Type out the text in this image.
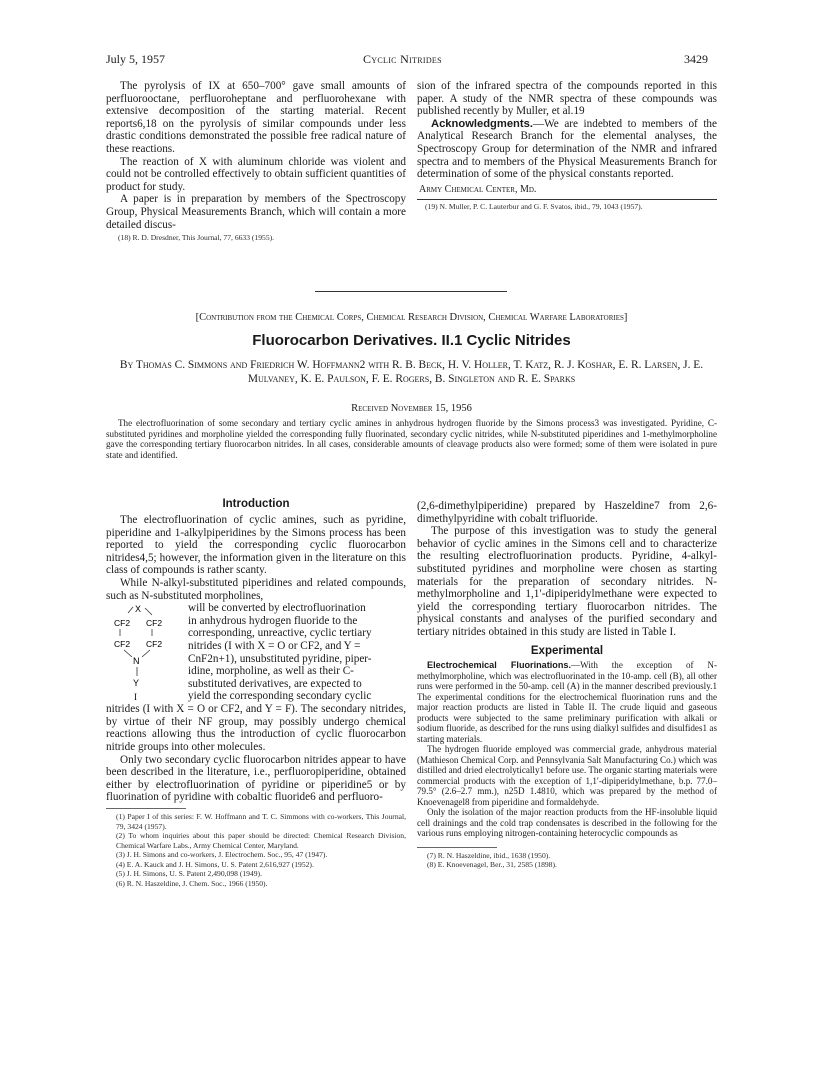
July 5, 1957	Cyclic Nitrides	3429

The pyrolysis of IX at 650–700° gave small amounts of perfluorooctane, perfluoroheptane and perfluorohexane with extensive decomposition of the starting material. Recent reports6,18 on the pyrolysis of similar compounds under less drastic conditions demonstrated the possible free radical nature of these reactions.

The reaction of X with aluminum chloride was violent and could not be controlled effectively to obtain sufficient quantities of product for study.

A paper is in preparation by members of the Spectroscopy Group, Physical Measurements Branch, which will contain a more detailed discus-

(18) R. D. Dresdner, This Journal, 77, 6633 (1955).

sion of the infrared spectra of the compounds reported in this paper. A study of the NMR spectra of these compounds was published recently by Muller, et al.19

Acknowledgments.—We are indebted to members of the Analytical Research Branch for the elemental analyses, the Spectroscopy Group for determination of the NMR and infrared spectra and to members of the Physical Measurements Branch for determination of some of the physical constants reported.

Army Chemical Center, Md.
(19) N. Muller, P. C. Lauterbur and G. F. Svatos, ibid., 79, 1043 (1957).
[Contribution from the Chemical Corps, Chemical Research Division, Chemical Warfare Laboratories]
Fluorocarbon Derivatives. II.1 Cyclic Nitrides
By Thomas C. Simmons and Friedrich W. Hoffmann2 with R. B. Beck, H. V. Holler, T. Katz, R. J. Koshar, E. R. Larsen, J. E. Mulvaney, K. E. Paulson, F. E. Rogers, B. Singleton and R. E. Sparks
Received November 15, 1956
The electrofluorination of some secondary and tertiary cyclic amines in anhydrous hydrogen fluoride by the Simons process3 was investigated. Pyridine, C-substituted pyridines and morpholine yielded the corresponding fully fluorinated, secondary cyclic nitrides, while N-substituted piperidines and 1-methylmorpholine gave the corresponding tertiary fluorocarbon nitrides. In all cases, considerable amounts of cleavage products also were formed; some of them were isolated in pure state and identified.
Introduction

The electrofluorination of cyclic amines, such as pyridine, piperidine and 1-alkylpiperidines by the Simons process has been reported to yield the corresponding cyclic fluorocarbon nitrides4,5; however, the information given in the literature on this class of compounds is rather scanty.

While N-alkyl-substituted piperidines and related compounds, such as N-substituted morpholines,

X
CF2 CF2
CF2 CF2
N
Y
I
will be converted by electrofluorination
in anhydrous hydrogen fluoride to the
corresponding, unreactive, cyclic tertiary
nitrides (I with X = O or CF2, and Y =
CnF2n+1), unsubstituted pyridine, piper-
idine, morpholine, as well as their C-
substituted derivatives, are expected to
yield the corresponding secondary cyclic

nitrides (I with X = O or CF2, and Y = F). The secondary nitrides, by virtue of their NF group, may possibly undergo chemical reactions allowing thus the introduction of cyclic fluorocarbon nitride groups into other molecules.

Only two secondary cyclic fluorocarbon nitrides appear to have been described in the literature, i.e., perfluoropiperidine, obtained either by electrofluorination of pyridine or piperidine5 or by fluorination of pyridine with cobaltic fluoride6 and perfluoro-

(1) Paper I of this series: F. W. Hoffmann and T. C. Simmons with co-workers, This Journal, 79, 3424 (1957).
(2) To whom inquiries about this paper should be directed: Chemical Research Division, Chemical Warfare Labs., Army Chemical Center, Maryland.
(3) J. H. Simons and co-workers, J. Electrochem. Soc., 95, 47 (1947).
(4) E. A. Kauck and J. H. Simons, U. S. Patent 2,616,927 (1952).
(5) J. H. Simons, U. S. Patent 2,490,098 (1949).
(6) R. N. Haszeldine, J. Chem. Soc., 1966 (1950).

(2,6-dimethylpiperidine) prepared by Haszeldine7 from 2,6-dimethylpyridine with cobalt trifluoride.

The purpose of this investigation was to study the general behavior of cyclic amines in the Simons cell and to characterize the resulting electrofluorination products. Pyridine, 4-alkyl-substituted pyridines and morpholine were chosen as starting materials for the preparation of secondary nitrides. N-methylmorpholine and 1,1′-dipiperidylmethane were expected to yield the corresponding tertiary fluorocarbon nitrides. The physical constants and analyses of the purified secondary and tertiary nitrides obtained in this study are listed in Table I.

Experimental

Electrochemical Fluorinations.—With the exception of N-methylmorpholine, which was electrofluorinated in the 10-amp. cell (B), all other runs were performed in the 50-amp. cell (A) in the manner described previously.1 The experimental conditions for the electrochemical fluorination runs and the major reaction products are listed in Table II. The crude liquid and gaseous products were subjected to the same preliminary purification with alkali or sodium fluoride, as described for the runs using dialkyl sulfides and disulfides1 as starting materials.

The hydrogen fluoride employed was commercial grade, anhydrous material (Mathieson Chemical Corp. and Pennsylvania Salt Manufacturing Co.) which was distilled and dried electrolytically1 before use. The organic starting materials were commercial products with the exception of 1,1′-dipiperidylmethane, b.p. 77.0–79.5° (2.6–2.7 mm.), n25D 1.4810, which was prepared by the method of Knoevenagel8 from piperidine and formaldehyde.

Only the isolation of the major reaction products from the HF-insoluble liquid cell drainings and the cold trap condensates is described in the following for the various runs employing nitrogen-containing heterocyclic compounds as

(7) R. N. Haszeldine, ibid., 1638 (1950).
(8) E. Knoevenagel, Ber., 31, 2585 (1898).
